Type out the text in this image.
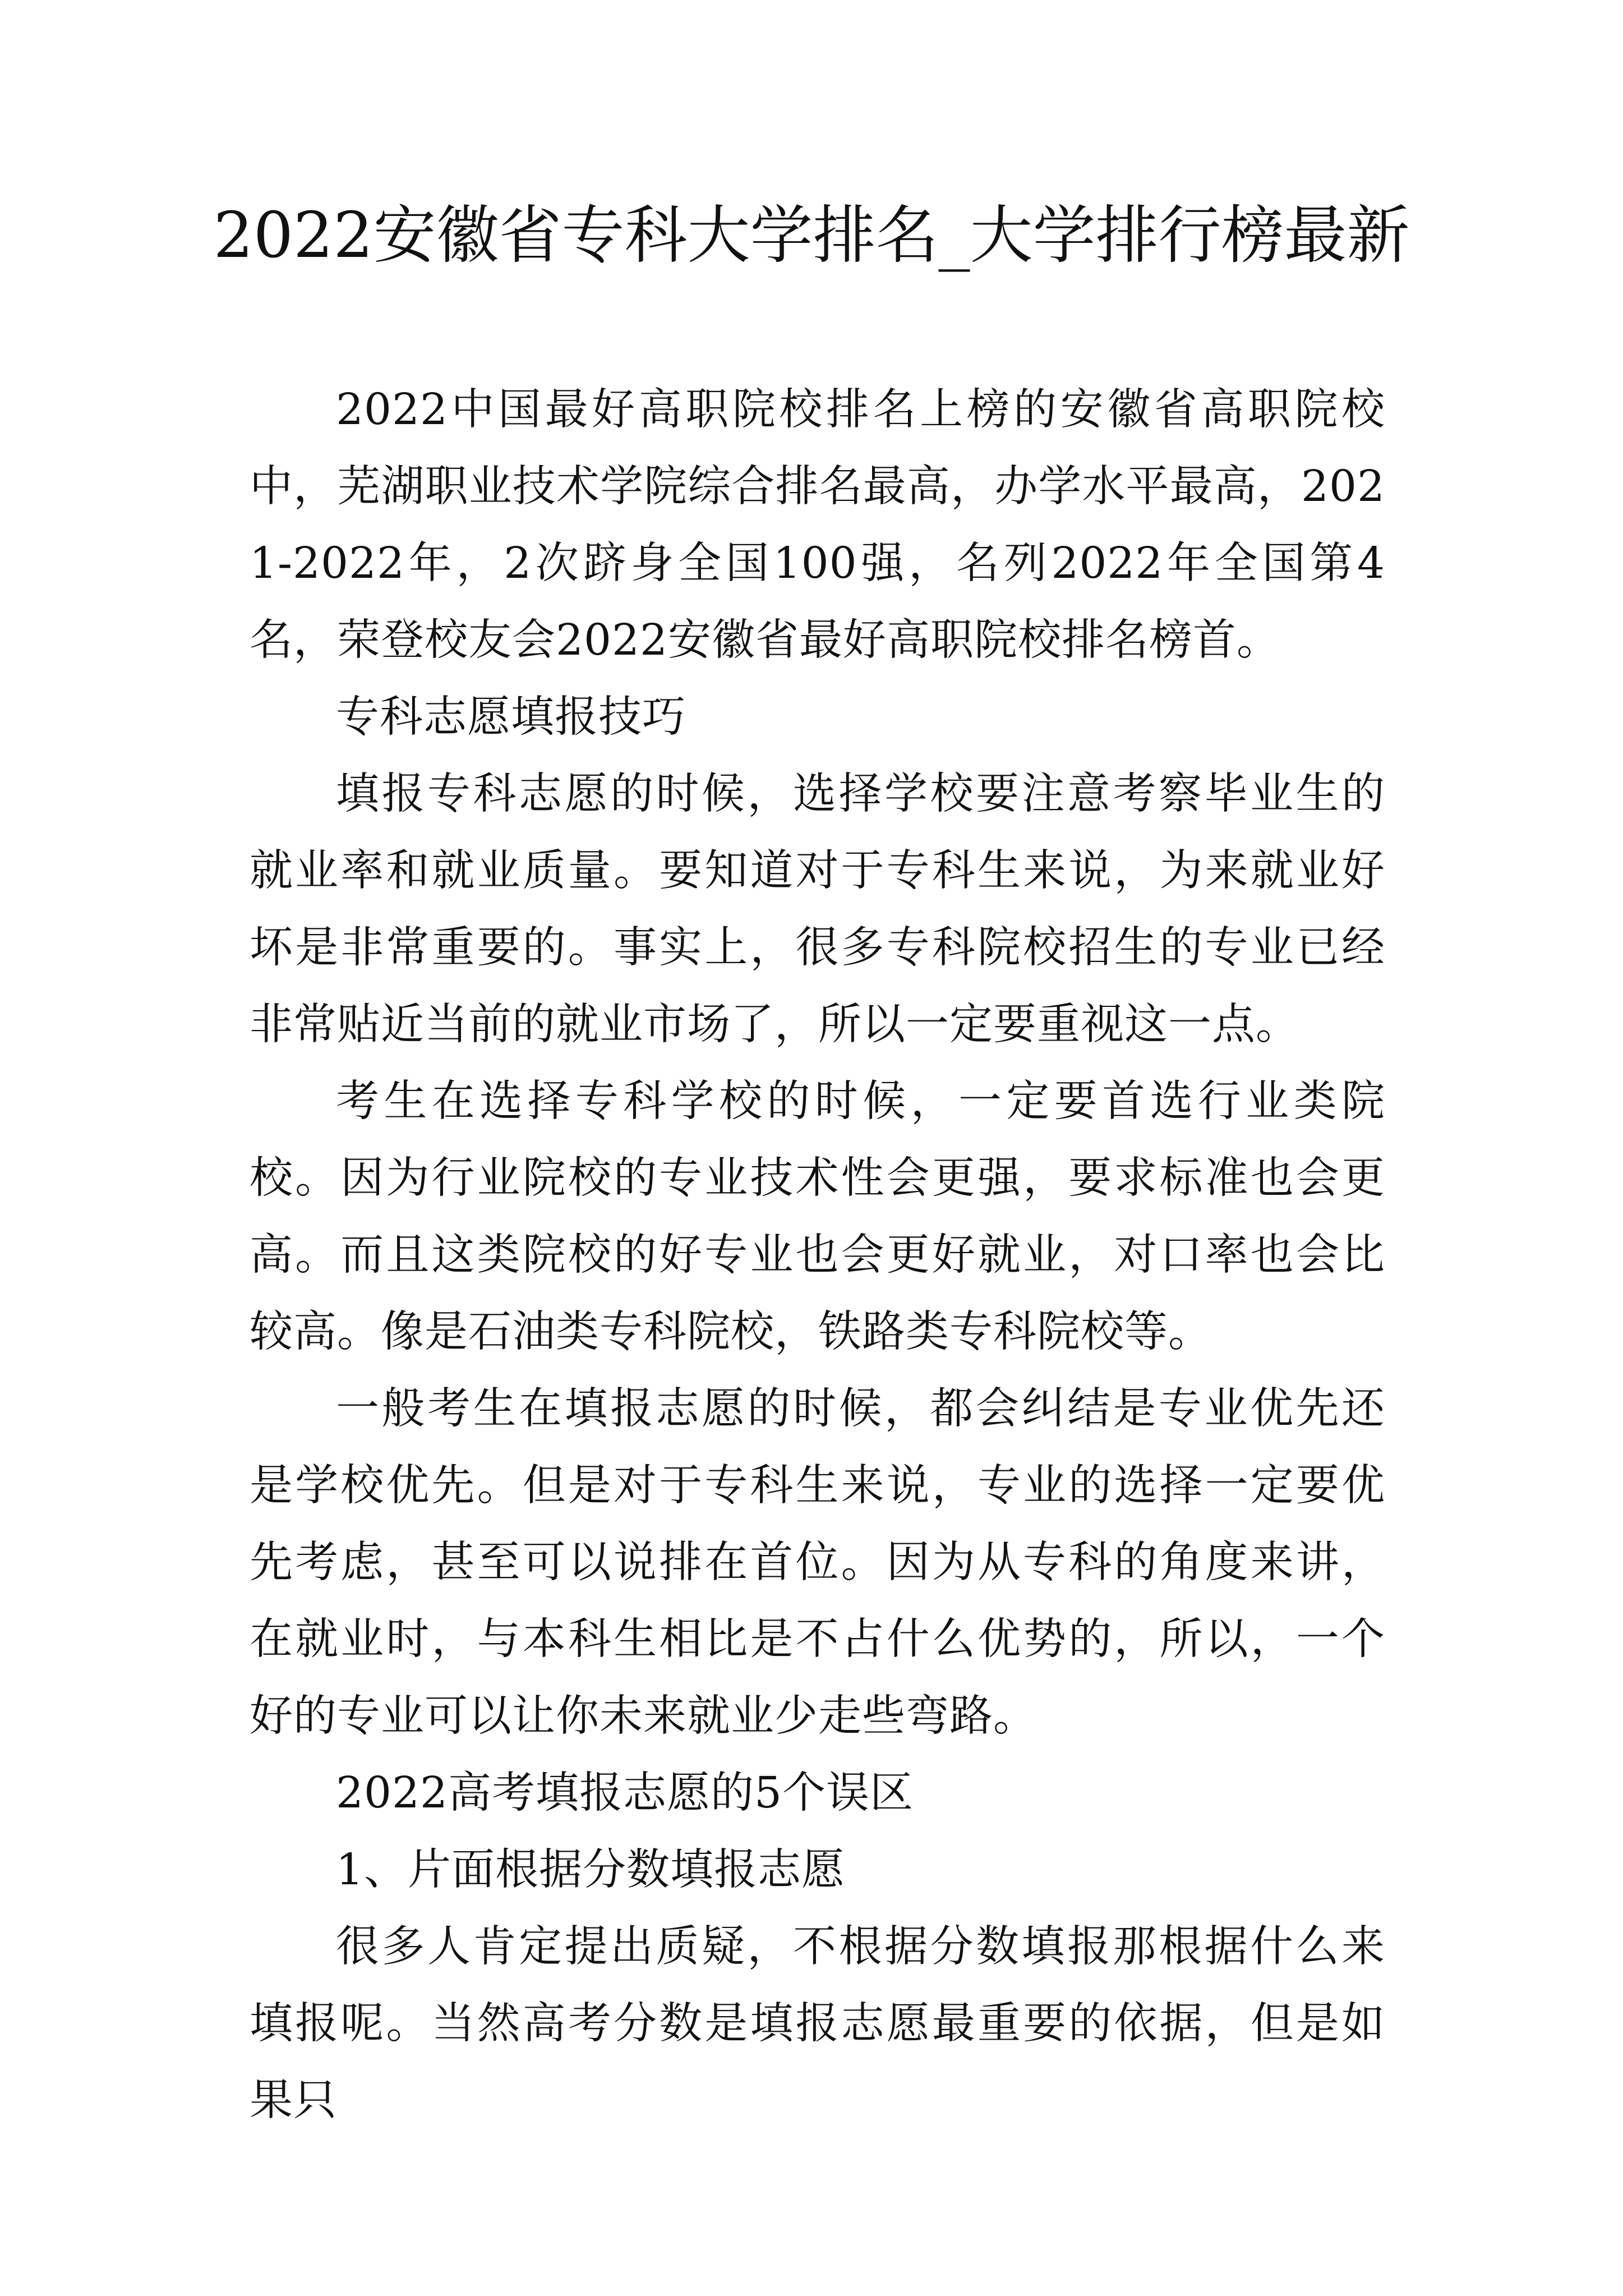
2022安徽省专科大学排名_大学排行榜最新

2022中国最好高职院校排名上榜的安徽省高职院校中，芜湖职业技术学院综合排名最高，办学水平最高，2021-2022年，2次跻身全国100强，名列2022年全国第4名，荣登校友会2022安徽省最好高职院校排名榜首。

专科志愿填报技巧

填报专科志愿的时候，选择学校要注意考察毕业生的就业率和就业质量。要知道对于专科生来说，为来就业好坏是非常重要的。事实上，很多专科院校招生的专业已经非常贴近当前的就业市场了，所以一定要重视这一点。

考生在选择专科学校的时候，一定要首选行业类院校。因为行业院校的专业技术性会更强，要求标准也会更高。而且这类院校的好专业也会更好就业，对口率也会比较高。像是石油类专科院校，铁路类专科院校等。

一般考生在填报志愿的时候，都会纠结是专业优先还是学校优先。但是对于专科生来说，专业的选择一定要优先考虑，甚至可以说排在首位。因为从专科的角度来讲，在就业时，与本科生相比是不占什么优势的，所以，一个好的专业可以让你未来就业少走些弯路。

2022高考填报志愿的5个误区

1、片面根据分数填报志愿

很多人肯定提出质疑，不根据分数填报那根据什么来填报呢。当然高考分数是填报志愿最重要的依据，但是如果只
